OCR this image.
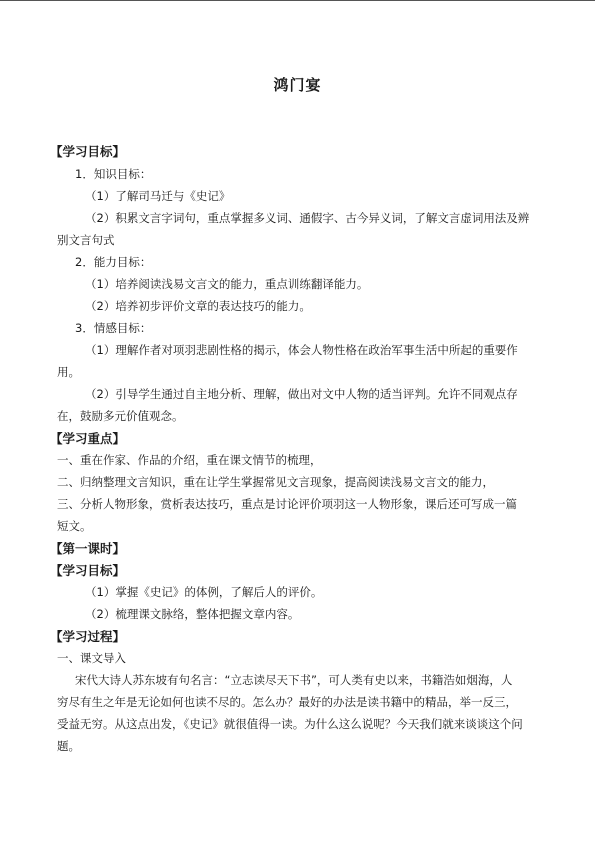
鸿门宴
【学习目标】
1．知识目标：
（1）了解司马迁与《史记》
（2）积累文言字词句，重点掌握多义词、通假字、古今异义词，了解文言虚词用法及辨
别文言句式
2．能力目标：
（1）培养阅读浅易文言文的能力，重点训练翻译能力。
（2）培养初步评价文章的表达技巧的能力。
3．情感目标：
（1）理解作者对项羽悲剧性格的揭示，体会人物性格在政治军事生活中所起的重要作
用。
（2）引导学生通过自主地分析、理解，做出对文中人物的适当评判。允许不同观点存
在，鼓励多元价值观念。
【学习重点】
一、重在作家、作品的介绍，重在课文情节的梳理，
二、归纳整理文言知识，重在让学生掌握常见文言现象，提高阅读浅易文言文的能力，
三、分析人物形象，赏析表达技巧，重点是讨论评价项羽这一人物形象，课后还可写成一篇
短文。
【第一课时】
【学习目标】
（1）掌握《史记》的体例，了解后人的评价。
（2）梳理课文脉络，整体把握文章内容。
【学习过程】
一、课文导入
宋代大诗人苏东坡有句名言：“立志读尽天下书”，可人类有史以来，书籍浩如烟海，人
穷尽有生之年是无论如何也读不尽的。怎么办？最好的办法是读书籍中的精品，举一反三，
受益无穷。从这点出发，《史记》就很值得一读。为什么这么说呢？今天我们就来谈谈这个问
题。
